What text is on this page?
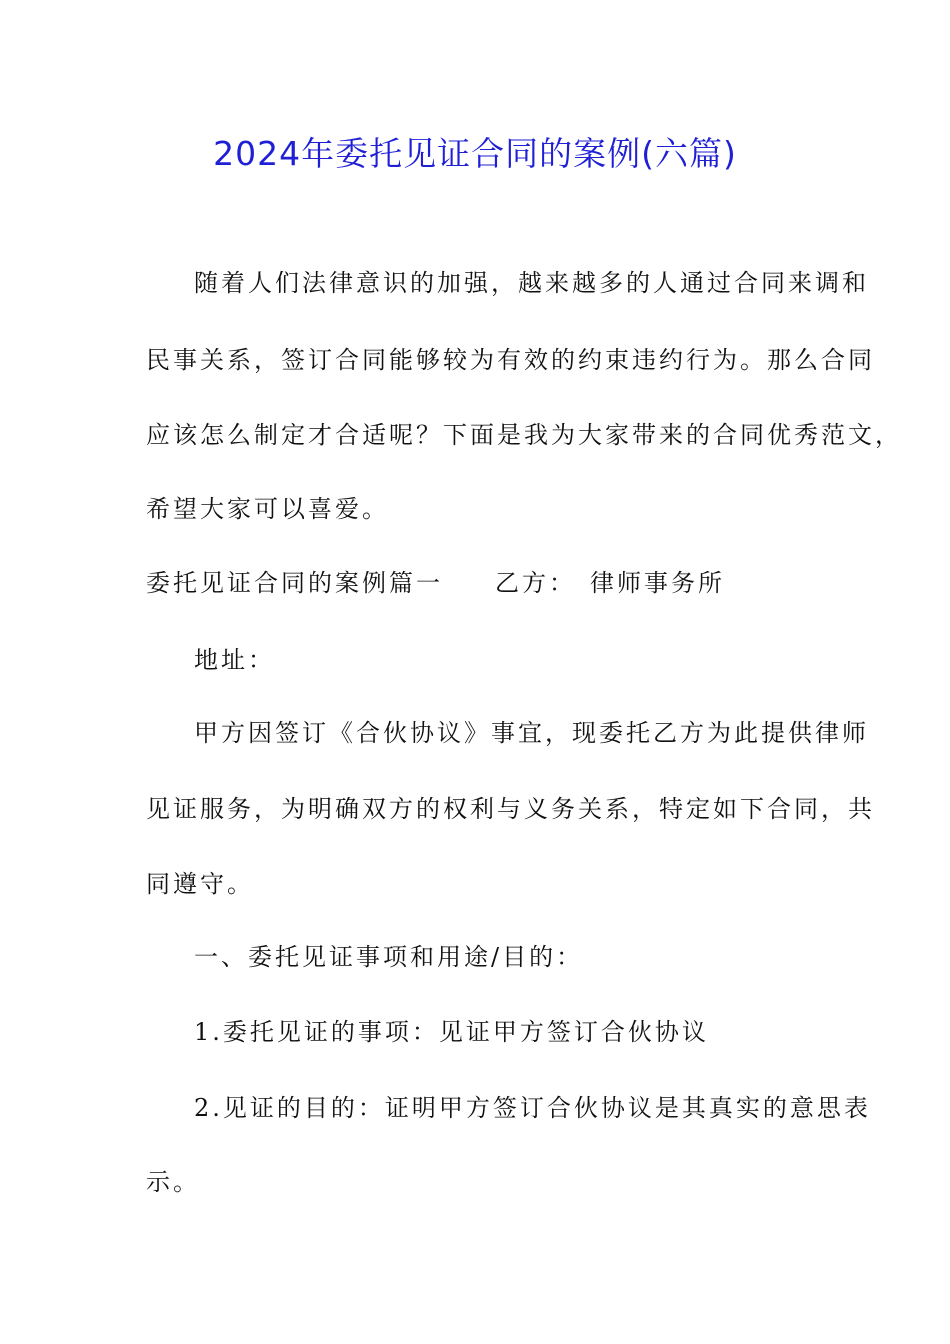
2024年委托见证合同的案例(六篇)

随着人们法律意识的加强，越来越多的人通过合同来调和

民事关系，签订合同能够较为有效的约束违约行为。那么合同

应该怎么制定才合适呢？下面是我为大家带来的合同优秀范文，

希望大家可以喜爱。

委托见证合同的案例篇一 乙方： 律师事务所

地址：

甲方因签订《合伙协议》事宜，现委托乙方为此提供律师

见证服务，为明确双方的权利与义务关系，特定如下合同，共

同遵守。

一、委托见证事项和用途/目的：

1.委托见证的事项：见证甲方签订合伙协议

2.见证的目的：证明甲方签订合伙协议是其真实的意思表

示。
